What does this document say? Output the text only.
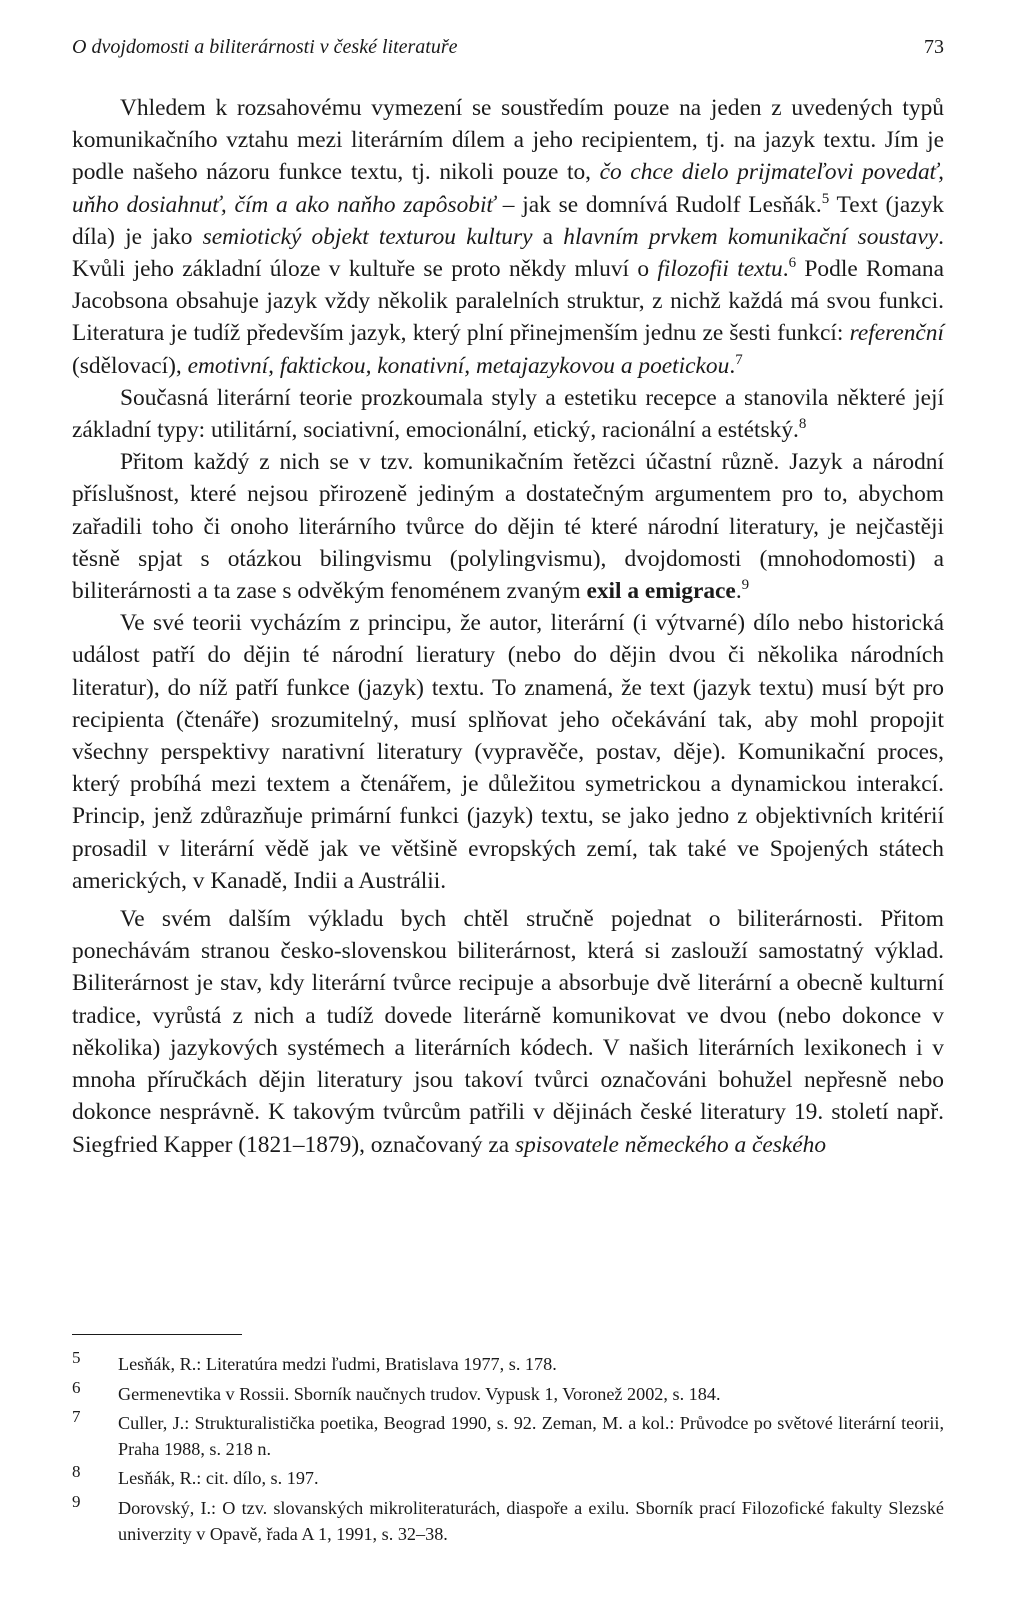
O dvojdomosti a biliterárnosti v české literatuře	73

Vhledem k rozsahovému vymezení se soustředím pouze na jeden z uvedených typů komunikačního vztahu mezi literárním dílem a jeho recipientem, tj. na jazyk textu. Jím je podle našeho názoru funkce textu, tj. nikoli pouze to, čo chce dielo prijmateľovi povedať, uňho dosiahnuť, čím a ako naňho zapôsobiť – jak se domnívá Rudolf Lesňák.$^5$ Text (jazyk díla) je jako semiotický objekt texturou kultury a hlavním prvkem komunikační soustavy. Kvůli jeho základní úloze v kultuře se proto někdy mluví o filozofii textu.$^6$ Podle Romana Jacobsona obsahuje jazyk vždy několik paralelních struktur, z nichž každá má svou funkci. Literatura je tudíž především jazyk, který plní přinejmenším jednu ze šesti funkcí: referenční (sdělovací), emotivní, faktickou, konativní, metajazykovou a poetickou.$^7$

Současná literární teorie prozkoumala styly a estetiku recepce a stanovila některé její základní typy: utilitární, sociativní, emocionální, etický, racionální a estétský.$^8$

Přitom každý z nich se v tzv. komunikačním řetězci účastní různě. Jazyk a národní příslušnost, které nejsou přirozeně jediným a dostatečným argumentem pro to, abychom zařadili toho či onoho literárního tvůrce do dějin té které národní literatury, je nejčastěji těsně spjat s otázkou bilingvismu (polylingvismu), dvojdomosti (mnohodomosti) a biliterárnosti a ta zase s odvěkým fenoménem zvaným exil a emigrace.$^9$

Ve své teorii vycházím z principu, že autor, literární (i výtvarné) dílo nebo historická událost patří do dějin té národní lieratury (nebo do dějin dvou či několika národních literatur), do níž patří funkce (jazyk) textu. To znamená, že text (jazyk textu) musí být pro recipienta (čtenáře) srozumitelný, musí splňovat jeho očekávání tak, aby mohl propojit všechny perspektivy narativní literatury (vypravěče, postav, děje). Komunikační proces, který probíhá mezi textem a čtenářem, je důležitou symetrickou a dynamickou interakcí. Princip, jenž zdůrazňuje primární funkci (jazyk) textu, se jako jedno z objektivních kritérií prosadil v literární vědě jak ve většině evropských zemí, tak také ve Spojených státech amerických, v Kanadě, Indii a Austrálii.

Ve svém dalším výkladu bych chtěl stručně pojednat o biliterárnosti. Přitom ponechávám stranou česko-slovenskou biliterárnost, která si zaslouží samostatný výklad. Biliterárnost je stav, kdy literární tvůrce recipuje a absorbuje dvě literární a obecně kulturní tradice, vyrůstá z nich a tudíž dovede literárně komunikovat ve dvou (nebo dokonce v několika) jazykových systémech a literárních kódech. V našich literárních lexikonech i v mnoha příručkách dějin literatury jsou takoví tvůrci označováni bohužel nepřesně nebo dokonce nesprávně. K takovým tvůrcům patřili v dějinách české literatury 19. století např. Siegfried Kapper (1821–1879), označovaný za spisovatele německého a českého

5 Lesňák, R.: Literatúra medzi ľudmi, Bratislava 1977, s. 178.

6 Germenevtika v Rossii. Sborník naučnych trudov. Vypusk 1, Voronež 2002, s. 184.

7 Culler, J.: Strukturalistička poetika, Beograd 1990, s. 92. Zeman, M. a kol.: Průvodce po světové literární teorii, Praha 1988, s. 218 n.

8 Lesňák, R.: cit. dílo, s. 197.

9 Dorovský, I.: O tzv. slovanských mikroliteraturách, diaspoře a exilu. Sborník prací Filozofické fakulty Slezské univerzity v Opavě, řada A 1, 1991, s. 32–38.
